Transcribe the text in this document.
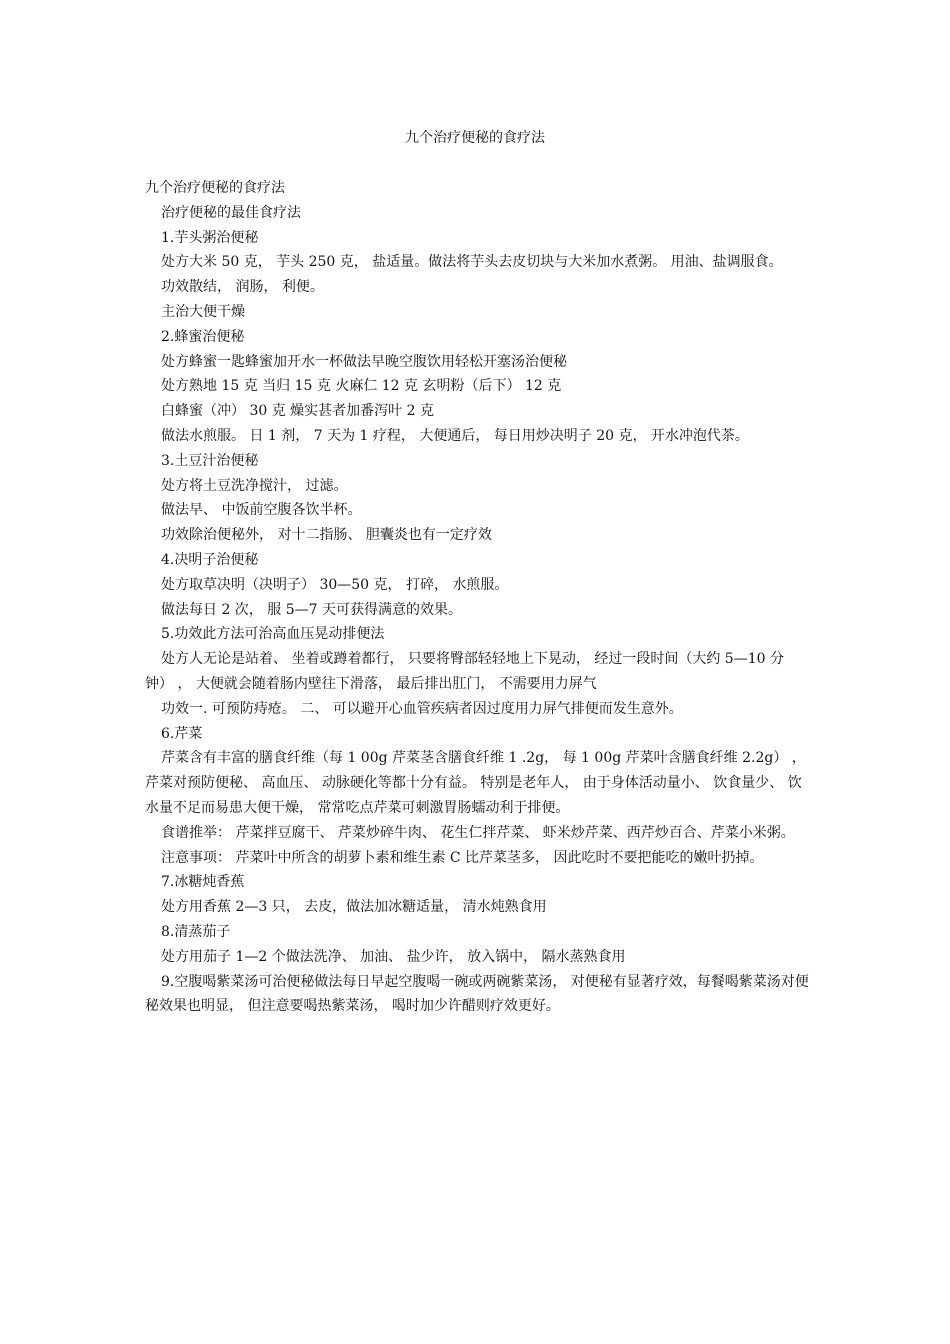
九个治疗便秘的食疗法

九个治疗便秘的食疗法

治疗便秘的最佳食疗法

1.芋头粥治便秘

处方大米 50 克， 芋头 250 克， 盐适量。做法将芋头去皮切块与大米加水煮粥。 用油、盐调服食。

功效散结， 润肠， 利便。

主治大便干燥

2.蜂蜜治便秘

处方蜂蜜一匙蜂蜜加开水一杯做法早晚空腹饮用轻松开塞汤治便秘

处方熟地 15 克 当归 15 克 火麻仁 12 克 玄明粉（后下） 12 克

白蜂蜜（冲） 30 克 燥实甚者加番泻叶 2 克

做法水煎服。 日 1 剂， 7 天为 1 疗程， 大便通后， 每日用炒决明子 20 克， 开水冲泡代茶。

3.土豆汁治便秘

处方将土豆洗净搅汁， 过滤。

做法早、 中饭前空腹各饮半杯。

功效除治便秘外， 对十二指肠、 胆囊炎也有一定疗效

4.决明子治便秘

处方取草决明（决明子） 30—50 克， 打碎， 水煎服。

做法每日 2 次， 服 5—7 天可获得满意的效果。

5.功效此方法可治高血压晃动排便法

处方人无论是站着、 坐着或蹲着都行， 只要将臀部轻轻地上下晃动， 经过一段时间（大约 5—10 分钟） ， 大便就会随着肠内壁往下滑落， 最后排出肛门， 不需要用力屏气

功效一. 可预防痔疮。 二、 可以避开心血管疾病者因过度用力屏气排便而发生意外。

6.芹菜

芹菜含有丰富的膳食纤维（每 1 00g 芹菜茎含膳食纤维 1 .2g， 每 1 00g 芹菜叶含膳食纤维 2.2g） ， 芹菜对预防便秘、 高血压、 动脉硬化等都十分有益。 特别是老年人， 由于身体活动量小、 饮食量少、 饮水量不足而易患大便干燥， 常常吃点芹菜可刺激胃肠蠕动利于排便。

食谱推举： 芹菜拌豆腐干、 芹菜炒碎牛肉、 花生仁拌芹菜、 虾米炒芹菜、西芹炒百合、芹菜小米粥。

注意事项： 芹菜叶中所含的胡萝卜素和维生素 C 比芹菜茎多， 因此吃时不要把能吃的嫩叶扔掉。

7.冰糖炖香蕉

处方用香蕉 2—3 只， 去皮，做法加冰糖适量， 清水炖熟食用

8.清蒸茄子

处方用茄子 1—2 个做法洗净、 加油、 盐少许， 放入锅中， 隔水蒸熟食用

9.空腹喝紫菜汤可治便秘做法每日早起空腹喝一碗或两碗紫菜汤， 对便秘有显著疗效，每餐喝紫菜汤对便秘效果也明显， 但注意要喝热紫菜汤， 喝时加少许醋则疗效更好。
